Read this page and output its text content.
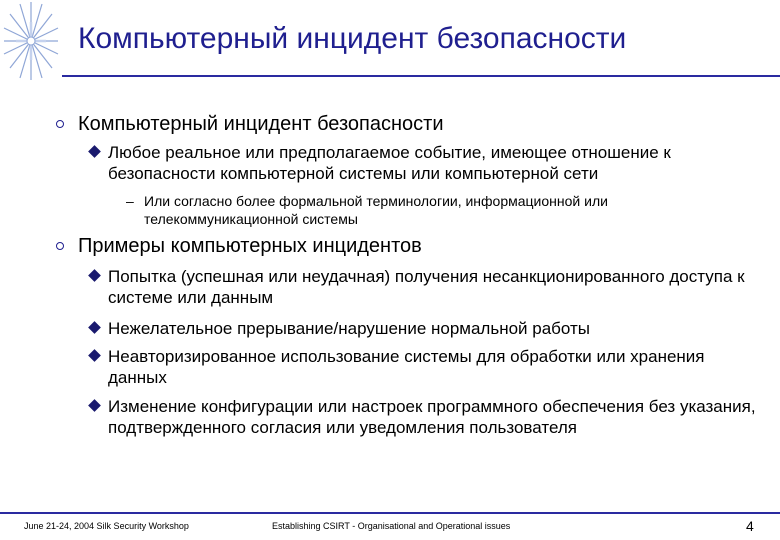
Компьютерный инцидент безопасности
Компьютерный инцидент безопасности
Любое реальное или предполагаемое событие, имеющее отношение к безопасности компьютерной системы или компьютерной сети
– Или согласно более формальной терминологии, информационной или телекоммуникационной системы
Примеры компьютерных инцидентов
Попытка (успешная или неудачная) получения несанкционированного доступа к системе или данным
Нежелательное прерывание/нарушение нормальной работы
Неавторизированное использование системы для обработки или хранения данных
Изменение конфигурации или настроек программного обеспечения без указания, подтвержденного согласия или уведомления пользователя
June 21-24, 2004 Silk Security Workshop	Establishing CSIRT - Organisational and Operational issues	4
